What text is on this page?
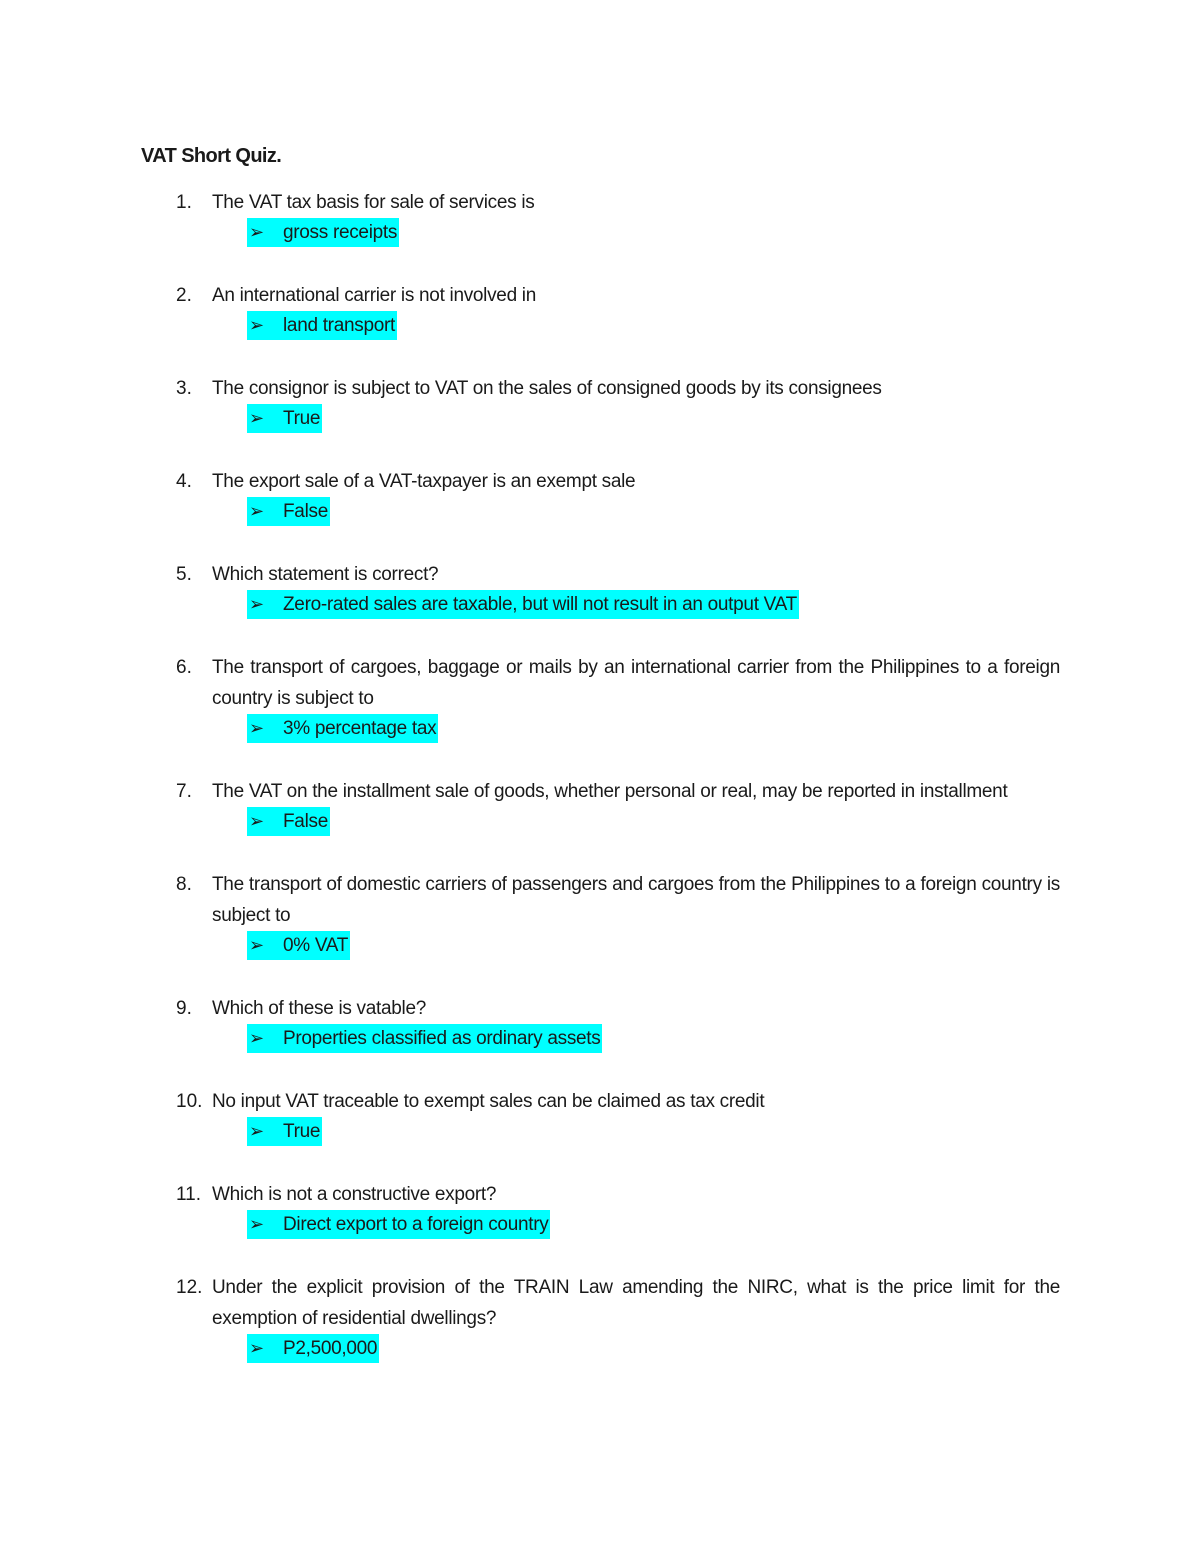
VAT Short Quiz.
1. The VAT tax basis for sale of services is
➢ gross receipts
2. An international carrier is not involved in
➢ land transport
3. The consignor is subject to VAT on the sales of consigned goods by its consignees
➢ True
4. The export sale of a VAT-taxpayer is an exempt sale
➢ False
5. Which statement is correct?
➢ Zero-rated sales are taxable, but will not result in an output VAT
6. The transport of cargoes, baggage or mails by an international carrier from the Philippines to a foreign country is subject to
➢ 3% percentage tax
7. The VAT on the installment sale of goods, whether personal or real, may be reported in installment
➢ False
8. The transport of domestic carriers of passengers and cargoes from the Philippines to a foreign country is subject to
➢ 0% VAT
9. Which of these is vatable?
➢ Properties classified as ordinary assets
10. No input VAT traceable to exempt sales can be claimed as tax credit
➢ True
11. Which is not a constructive export?
➢ Direct export to a foreign country
12. Under the explicit provision of the TRAIN Law amending the NIRC, what is the price limit for the exemption of residential dwellings?
➢ P2,500,000
